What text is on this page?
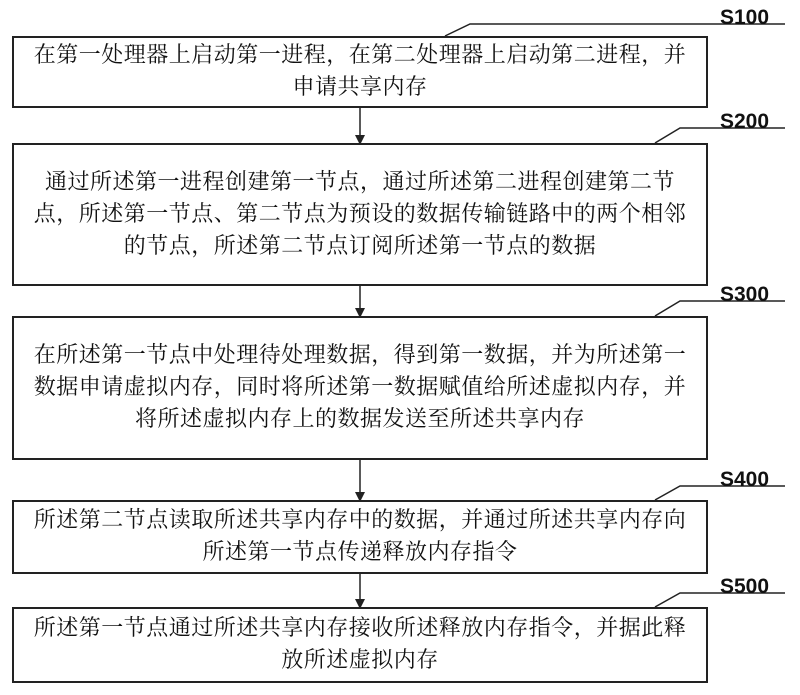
S100
S200
S300
S400
S500
在第一处理器上启动第一进程，在第二处理器上启动第二进程，并申请共享内存
通过所述第一进程创建第一节点，通过所述第二进程创建第二节点，所述第一节点、第二节点为预设的数据传输链路中的两个相邻的节点，所述第二节点订阅所述第一节点的数据
在所述第一节点中处理待处理数据，得到第一数据，并为所述第一数据申请虚拟内存，同时将所述第一数据赋值给所述虚拟内存，并将所述虚拟内存上的数据发送至所述共享内存
所述第二节点读取所述共享内存中的数据，并通过所述共享内存向所述第一节点传递释放内存指令
所述第一节点通过所述共享内存接收所述释放内存指令，并据此释放所述虚拟内存
